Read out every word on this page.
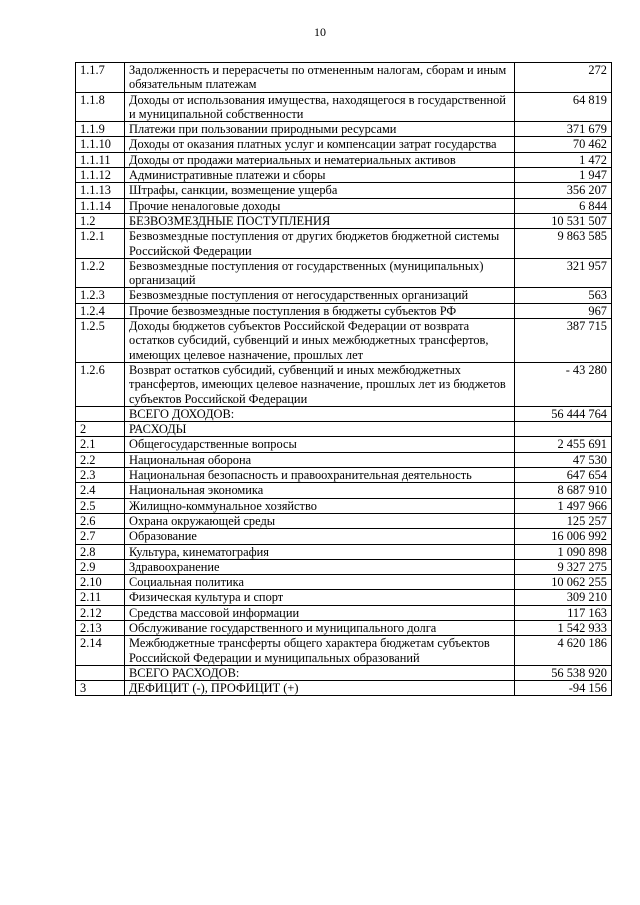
10
1.1.7	Задолженность и перерасчеты по отмененным налогам, сборам и иным обязательным платежам	272
1.1.8	Доходы от использования имущества, находящегося в государственной и муниципальной собственности	64 819
1.1.9	Платежи при пользовании природными ресурсами	371 679
1.1.10	Доходы от оказания платных услуг и компенсации затрат государства	70 462
1.1.11	Доходы от продажи материальных и нематериальных активов	1 472
1.1.12	Административные платежи и сборы	1 947
1.1.13	Штрафы, санкции, возмещение ущерба	356 207
1.1.14	Прочие неналоговые доходы	6 844
1.2	БЕЗВОЗМЕЗДНЫЕ ПОСТУПЛЕНИЯ	10 531 507
1.2.1	Безвозмездные поступления от других бюджетов бюджетной системы Российской Федерации	9 863 585
1.2.2	Безвозмездные поступления от государственных (муниципальных) организаций	321 957
1.2.3	Безвозмездные поступления от негосударственных организаций	563
1.2.4	Прочие безвозмездные поступления в бюджеты субъектов РФ	967
1.2.5	Доходы бюджетов субъектов Российской Федерации от возврата остатков субсидий, субвенций и иных межбюджетных трансфертов, имеющих целевое назначение, прошлых лет	387 715
1.2.6	Возврат остатков субсидий, субвенций и иных межбюджетных трансфертов, имеющих целевое назначение, прошлых лет из бюджетов субъектов Российской Федерации	- 43 280
	ВСЕГО ДОХОДОВ:	56 444 764
2	РАСХОДЫ	
2.1	Общегосударственные вопросы	2 455 691
2.2	Национальная оборона	47 530
2.3	Национальная безопасность и правоохранительная деятельность	647 654
2.4	Национальная экономика	8 687 910
2.5	Жилищно-коммунальное хозяйство	1 497 966
2.6	Охрана окружающей среды	125 257
2.7	Образование	16 006 992
2.8	Культура, кинематография	1 090 898
2.9	Здравоохранение	9 327 275
2.10	Социальная политика	10 062 255
2.11	Физическая культура и спорт	309 210
2.12	Средства массовой информации	117 163
2.13	Обслуживание государственного и муниципального долга	1 542 933
2.14	Межбюджетные трансферты общего характера бюджетам субъектов Российской Федерации и муниципальных образований	4 620 186
	ВСЕГО РАСХОДОВ:	56 538 920
3	ДЕФИЦИТ (-), ПРОФИЦИТ (+)	-94 156
